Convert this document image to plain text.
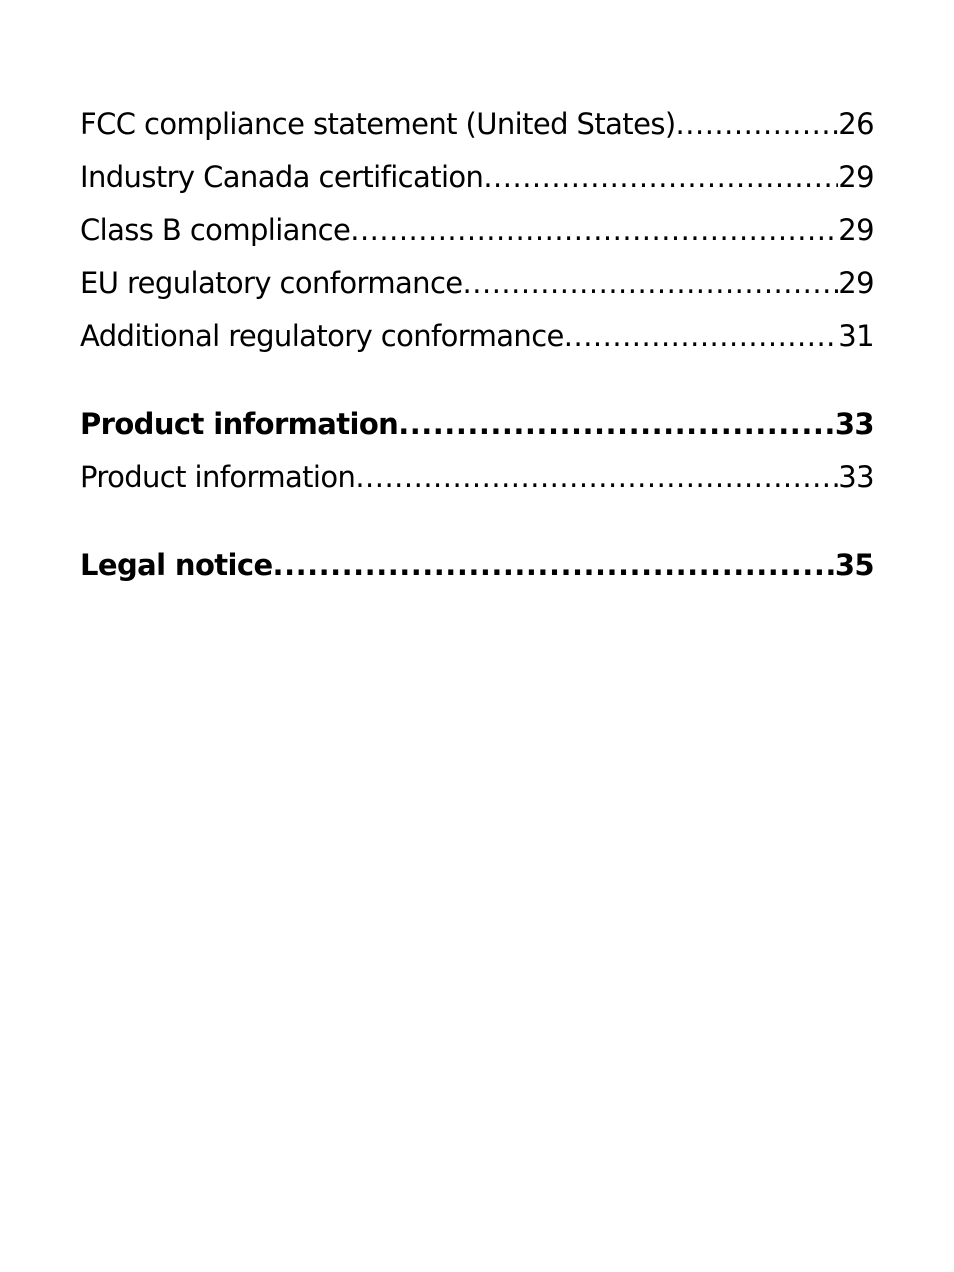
FCC compliance statement (United States) .....	26
Industry Canada certification .....	29
Class B compliance .....	29
EU regulatory conformance .....	29
Additional regulatory conformance .....	31
Product information .....	33
Product information .....	33
Legal notice .....	35
